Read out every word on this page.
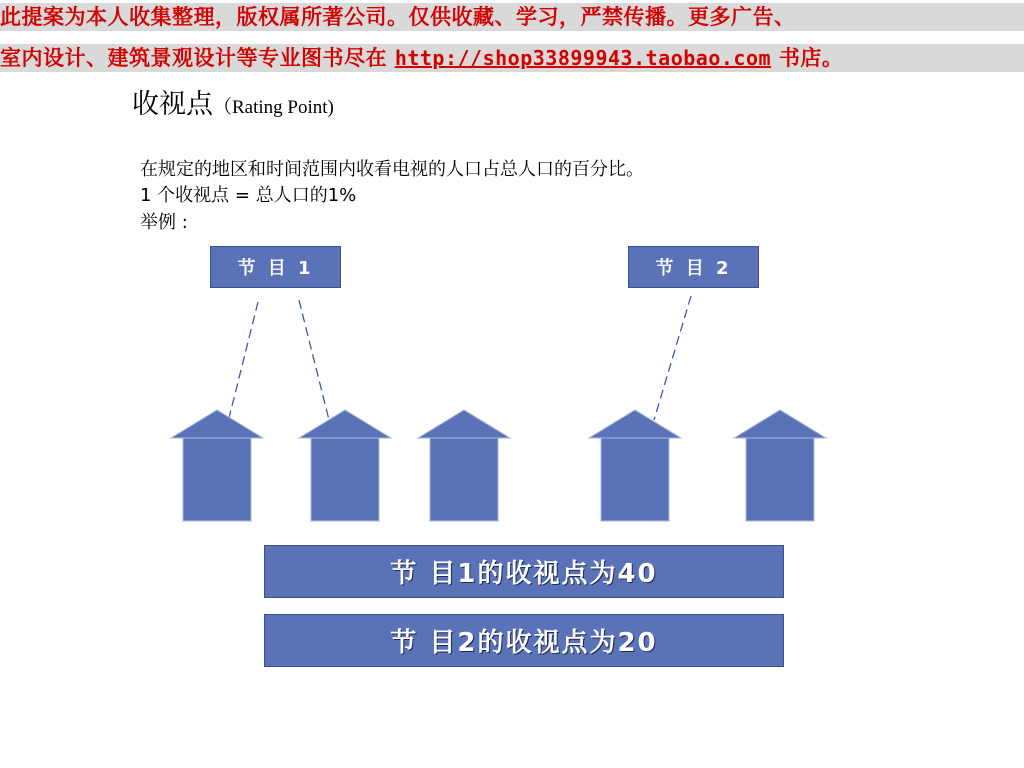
此提案为本人收集整理，版权属所著公司。仅供收藏、学习，严禁传播。更多广告、
室内设计、建筑景观设计等专业图书尽在 http://shop33899943.taobao.com 书店。
收视点（Rating Point)
在规定的地区和时间范围内收看电视的人口占总人口的百分比。
1 个收视点 = 总人口的1%
举例 :
节 目 1	节 目 2
节 目1的收视点为40
节 目2的收视点为20
